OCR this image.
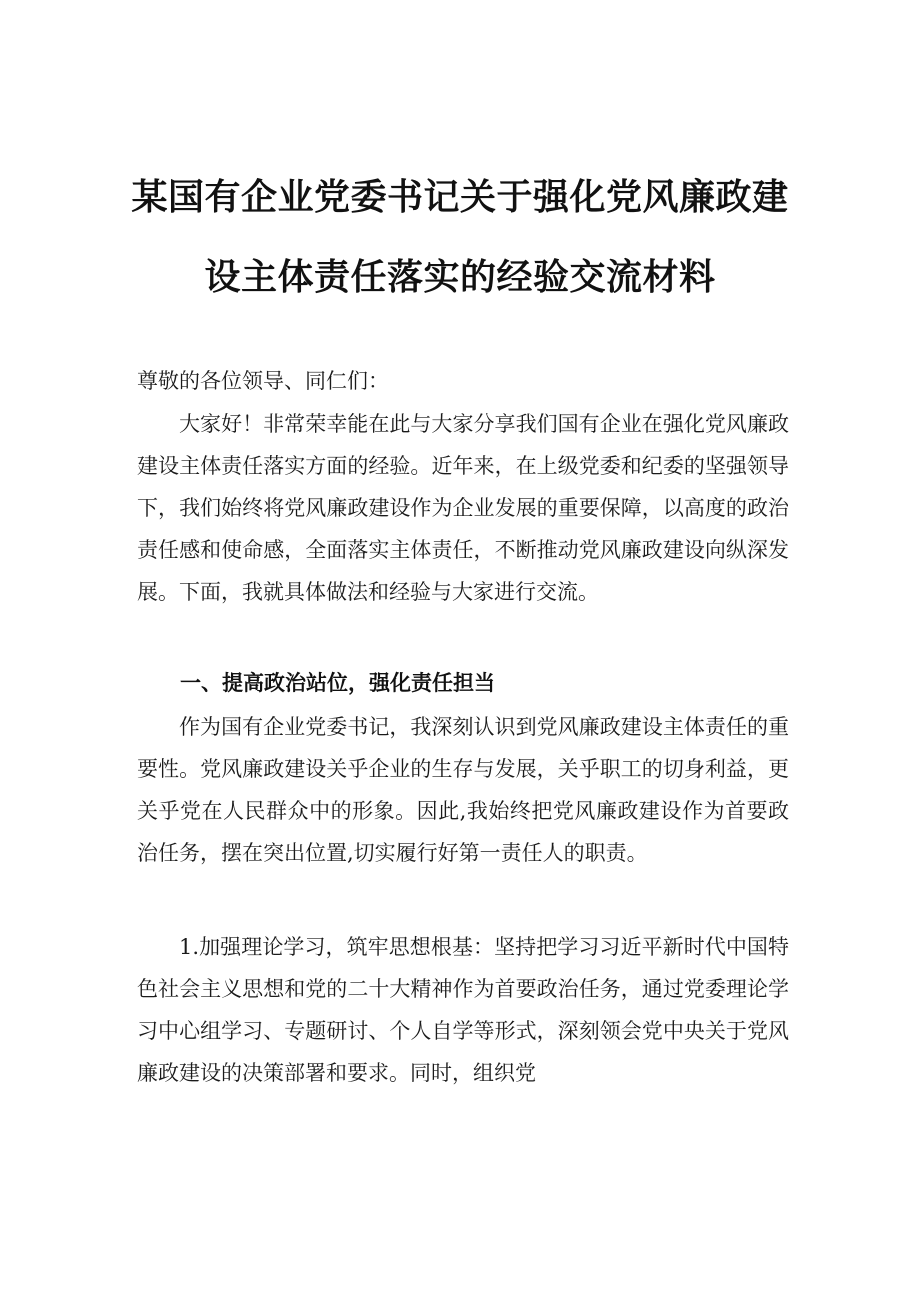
某国有企业党委书记关于强化党风廉政建
设主体责任落实的经验交流材料

尊敬的各位领导、同仁们：

大家好！非常荣幸能在此与大家分享我们国有企业在强化党风廉政建设主体责任落实方面的经验。近年来，在上级党委和纪委的坚强领导下，我们始终将党风廉政建设作为企业发展的重要保障，以高度的政治责任感和使命感，全面落实主体责任，不断推动党风廉政建设向纵深发展。下面，我就具体做法和经验与大家进行交流。

一、提高政治站位，强化责任担当

作为国有企业党委书记，我深刻认识到党风廉政建设主体责任的重要性。党风廉政建设关乎企业的生存与发展，关乎职工的切身利益，更关乎党在人民群众中的形象。因此,我始终把党风廉政建设作为首要政治任务，摆在突出位置,切实履行好第一责任人的职责。

1.加强理论学习，筑牢思想根基：坚持把学习习近平新时代中国特色社会主义思想和党的二十大精神作为首要政治任务，通过党委理论学习中心组学习、专题研讨、个人自学等形式，深刻领会党中央关于党风廉政建设的决策部署和要求。同时，组织党
